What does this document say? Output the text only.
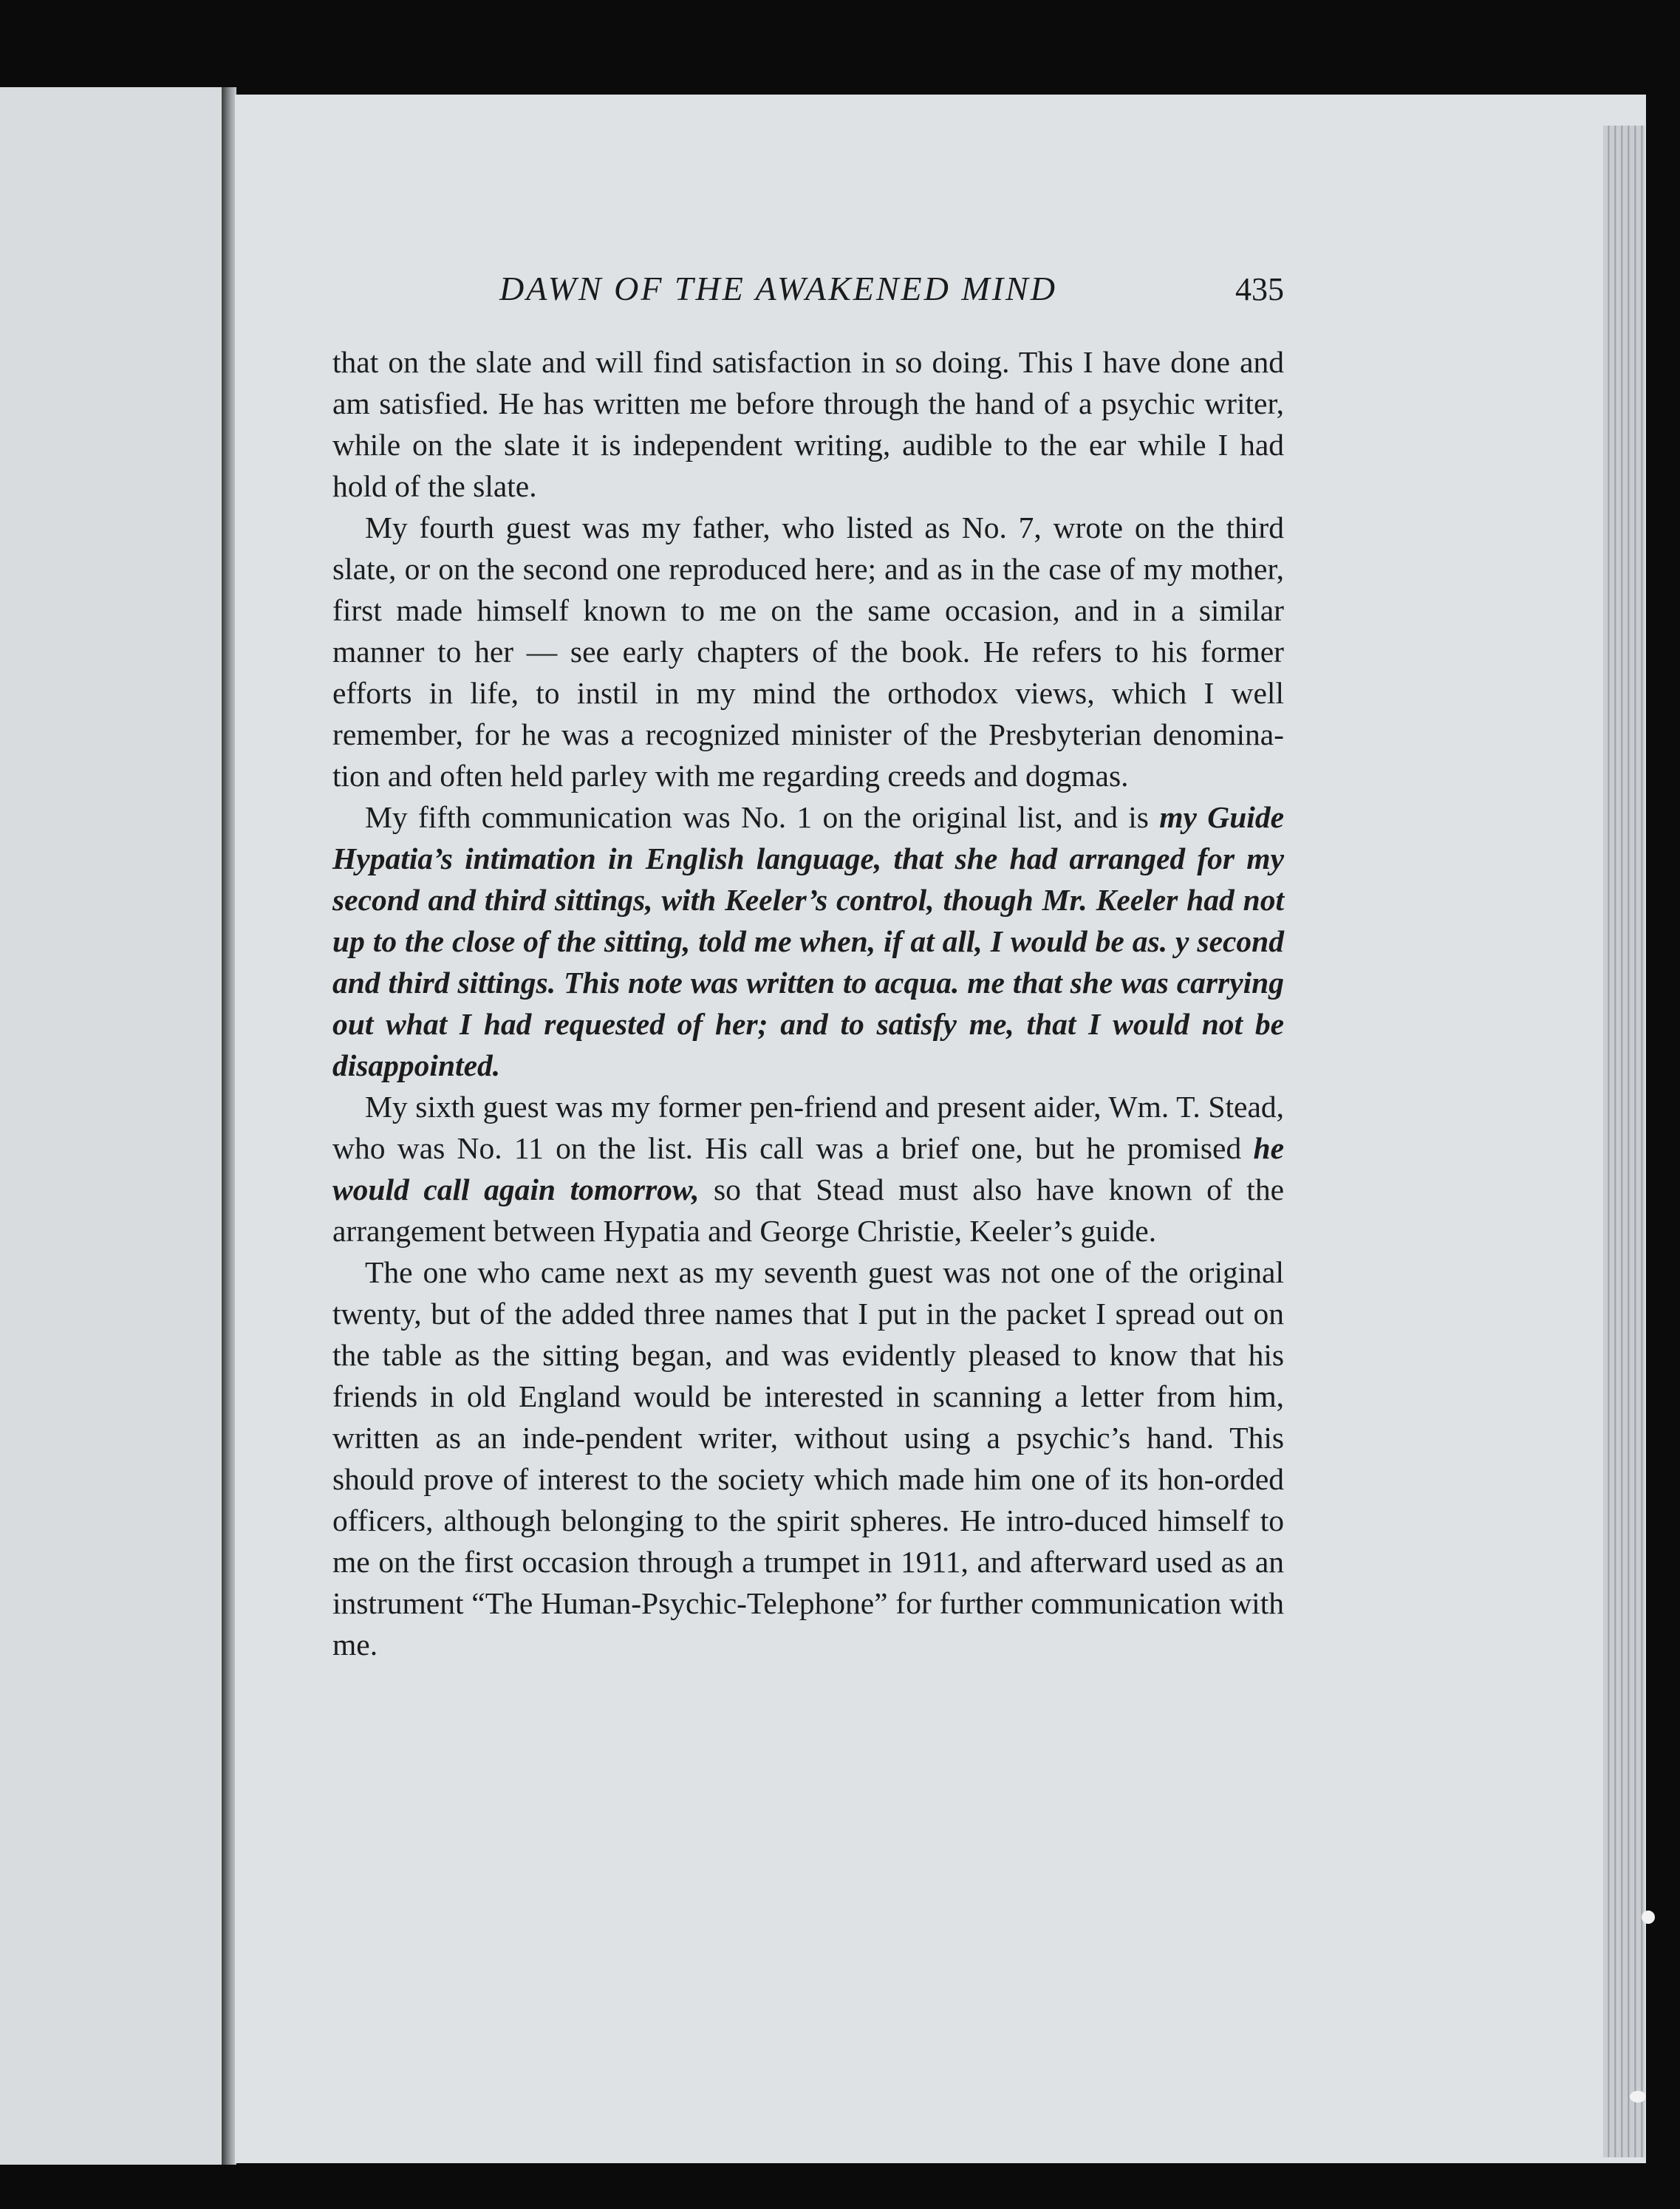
DAWN OF THE AWAKENED MIND	435

that on the slate and will find satisfaction in so doing. This I have done and am satisfied. He has written me before through the hand of a psychic writer, while on the slate it is independent writing, audible to the ear while I had hold of the slate.

My fourth guest was my father, who listed as No. 7, wrote on the third slate, or on the second one reproduced here; and as in the case of my mother, first made himself known to me on the same occasion, and in a similar manner to her — see early chapters of the book. He refers to his former efforts in life, to instil in my mind the orthodox views, which I well remember, for he was a recognized minister of the Presbyterian denomina-tion and often held parley with me regarding creeds and dogmas.

My fifth communication was No. 1 on the original list, and is my Guide Hypatia’s intimation in English language, that she had arranged for my second and third sittings, with Keeler’s control, though Mr. Keeler had not up to the close of the sitting, told me when, if at all, I would be as. y second and third sittings. This note was written to acqua. me that she was carrying out what I had requested of her; and to satisfy me, that I would not be disappointed.

My sixth guest was my former pen-friend and present aider, Wm. T. Stead, who was No. 11 on the list. His call was a brief one, but he promised he would call again tomorrow, so that Stead must also have known of the arrangement between Hypatia and George Christie, Keeler’s guide.

The one who came next as my seventh guest was not one of the original twenty, but of the added three names that I put in the packet I spread out on the table as the sitting began, and was evidently pleased to know that his friends in old England would be interested in scanning a letter from him, written as an inde-pendent writer, without using a psychic’s hand. This should prove of interest to the society which made him one of its hon-orded officers, although belonging to the spirit spheres. He intro-duced himself to me on the first occasion through a trumpet in 1911, and afterward used as an instrument “The Human-Psychic-Telephone” for further communication with me.
